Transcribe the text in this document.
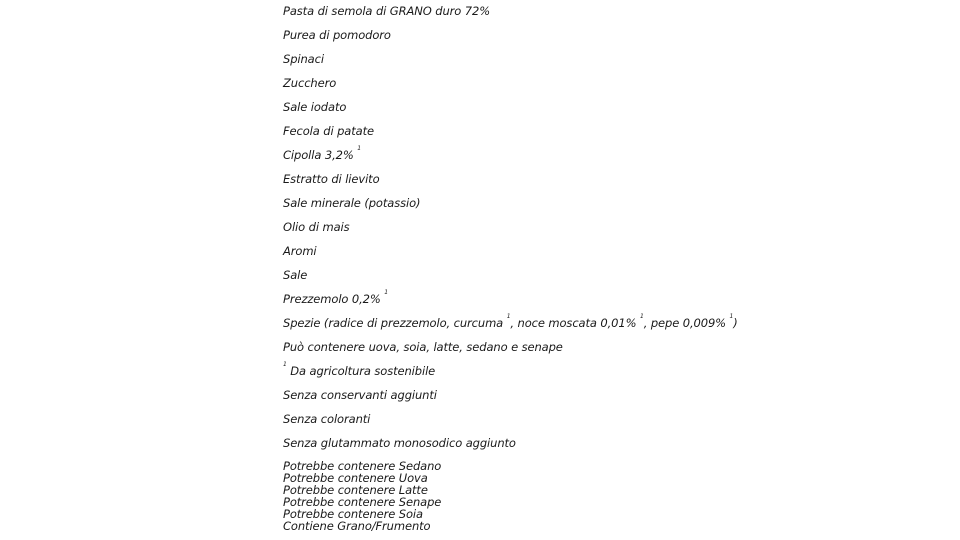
Pasta di semola di GRANO duro 72%
Purea di pomodoro
Spinaci
Zucchero
Sale iodato
Fecola di patate
Cipolla 3,2% $^1$
Estratto di lievito
Sale minerale (potassio)
Olio di mais
Aromi
Sale
Prezzemolo 0,2% $^1$
Spezie (radice di prezzemolo, curcuma $^1$, noce moscata 0,01% $^1$, pepe 0,009% $^1$)
Può contenere uova, soia, latte, sedano e senape
$^1$ Da agricoltura sostenibile
Senza conservanti aggiunti
Senza coloranti
Senza glutammato monosodico aggiunto
Potrebbe contenere Sedano
Potrebbe contenere Uova
Potrebbe contenere Latte
Potrebbe contenere Senape
Potrebbe contenere Soia
Contiene Grano/Frumento
